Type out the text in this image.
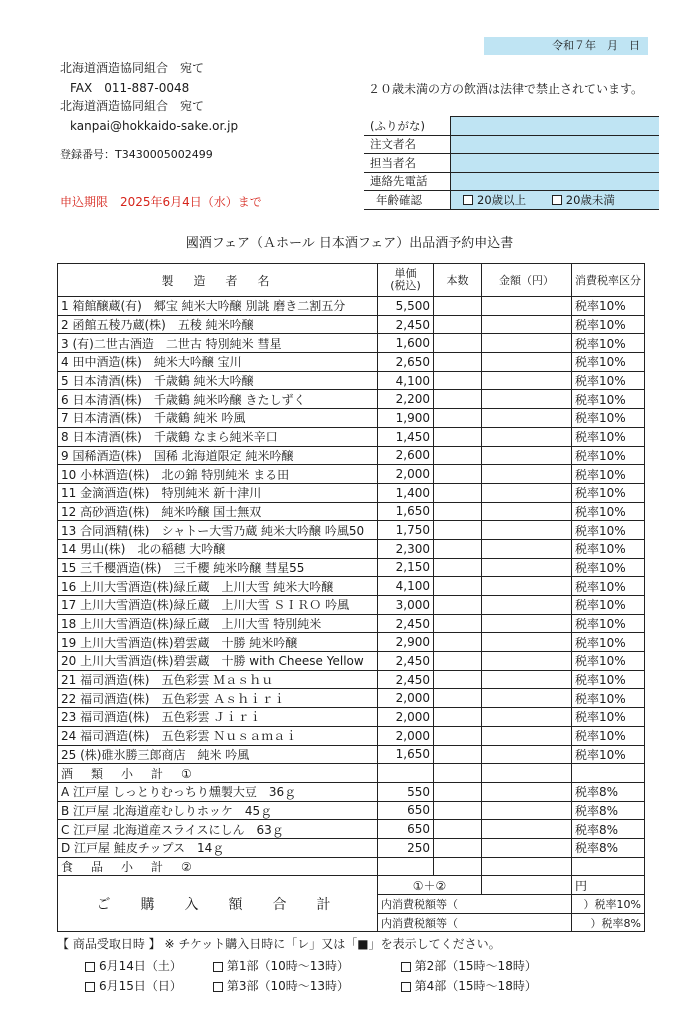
令和７年　月　日
北海道酒造協同組合　宛て
FAX　011-887-0048
北海道酒造協同組合　宛て
kanpai@hokkaido-sake.or.jp
登録番号：T3430005002499
申込期限　2025年6月4日（水）まで
２０歳未満の方の飲酒は法律で禁止されています。
(ふりがな)	
注文者名	
担当者名	
連絡先電話	
年齢確認	20歳以上 20歳未満
國酒フェア（Ａホール 日本酒フェア）出品酒予約申込書
製　造　者　名	単価
(税込)	本数	金額（円）	消費税率区分
1 箱館醸蔵(有)　郷宝 純米大吟醸 別誂 磨き二割五分	5,500			税率10%
2 函館五稜乃蔵(株)　五稜 純米吟醸	2,450			税率10%
3 (有)二世古酒造　二世古 特別純米 彗星	1,600			税率10%
4 田中酒造(株)　純米大吟醸 宝川	2,650			税率10%
5 日本清酒(株)　千歳鶴 純米大吟醸	4,100			税率10%
6 日本清酒(株)　千歳鶴 純米吟醸 きたしずく	2,200			税率10%
7 日本清酒(株)　千歳鶴 純米 吟風	1,900			税率10%
8 日本清酒(株)　千歳鶴 なまら純米辛口	1,450			税率10%
9 国稀酒造(株)　国稀 北海道限定 純米吟醸	2,600			税率10%
10 小林酒造(株)　北の錦 特別純米 まる田	2,000			税率10%
11 金滴酒造(株)　特別純米 新十津川	1,400			税率10%
12 高砂酒造(株)　純米吟醸 国士無双	1,650			税率10%
13 合同酒精(株)　シャトー大雪乃蔵 純米大吟醸 吟風50	1,750			税率10%
14 男山(株)　北の稲穂 大吟醸	2,300			税率10%
15 三千櫻酒造(株)　三千櫻 純米吟醸 彗星55	2,150			税率10%
16 上川大雪酒造(株)緑丘蔵　上川大雪 純米大吟醸	4,100			税率10%
17 上川大雪酒造(株)緑丘蔵　上川大雪 ＳＩＲＯ 吟風	3,000			税率10%
18 上川大雪酒造(株)緑丘蔵　上川大雪 特別純米	2,450			税率10%
19 上川大雪酒造(株)碧雲蔵　十勝 純米吟醸	2,900			税率10%
20 上川大雪酒造(株)碧雲蔵　十勝 with Cheese Yellow	2,450			税率10%
21 福司酒造(株)　五色彩雲 Ｍａｓｈｕ	2,450			税率10%
22 福司酒造(株)　五色彩雲 Ａｓｈｉｒｉ	2,000			税率10%
23 福司酒造(株)　五色彩雲 Ｊｉｒｉ	2,000			税率10%
24 福司酒造(株)　五色彩雲 Ｎｕｓａｍａｉ	2,000			税率10%
25 (株)碓氷勝三郎商店　純米 吟風	1,650			税率10%
酒　類　小　計　①				
A 江戸屋 しっとりむっちり燻製大豆　36ｇ	550			税率8%
B 江戸屋 北海道産むしりホッケ　45ｇ	650			税率8%
C 江戸屋 北海道産スライスにしん　63ｇ	650			税率8%
D 江戸屋 鮭皮チップス　14ｇ	250			税率8%
食　品　小　計　②				
ご　購　入　額　合　計	①＋②			円
	内消費税額等（			）税率10%
	内消費税額等（			）税率8%
【 商品受取日時 】 ※ チケット購入日時に「レ」又は「■」を表示してください。
6月14日（土）	第1部（10時～13時）	第2部（15時～18時）
6月15日（日）	第3部（10時～13時）	第4部（15時～18時）
